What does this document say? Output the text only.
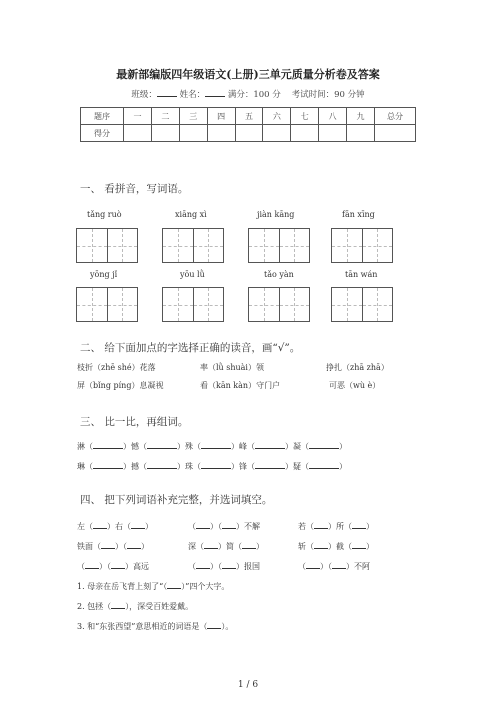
最新部编版四年级语文(上册)三单元质量分析卷及答案
班级：	姓名：	满分：100 分 考试时间：90 分钟
题序	一	二	三	四	五	六	七	八	九	总分
得分										
一、 看拼音，写词语。
tǎng ruò	xiāng xì	jiàn kāng	fān xīng
yōng jǐ	yōu lǜ	tǎo yàn	tān wán
二、 给下面加点的字选择正确的读音，画“√”。
枝折（zhē shé）花落	率（lǜ shuài）领	挣扎（zhā zhā）
屏（bǐng píng）息凝视	看（kān kàn）守门户	可恶（wù è）
三、 比一比，再组词。
淋（	）憾（	）殊（	）峰（	）凝（	）
琳（	）撼（	）珠（	）锋（	）疑（	）
四、 把下列词语补充完整，并选词填空。
左（ ）右（ ）	（ ）（ ）不解	若（ ）所（ ）
铁面（ ）（ ）	深（ ）简（ ）	斩（ ）截（ ）
（ ）（ ）高远	（ ）（ ）报国	（ ）（ ）不阿
1. 母亲在岳飞背上刻了“（ ）”四个大字。
2. 包拯（ ），深受百姓爱戴。
3. 和“东张西望”意思相近的词语是（ ）。
1 / 6
